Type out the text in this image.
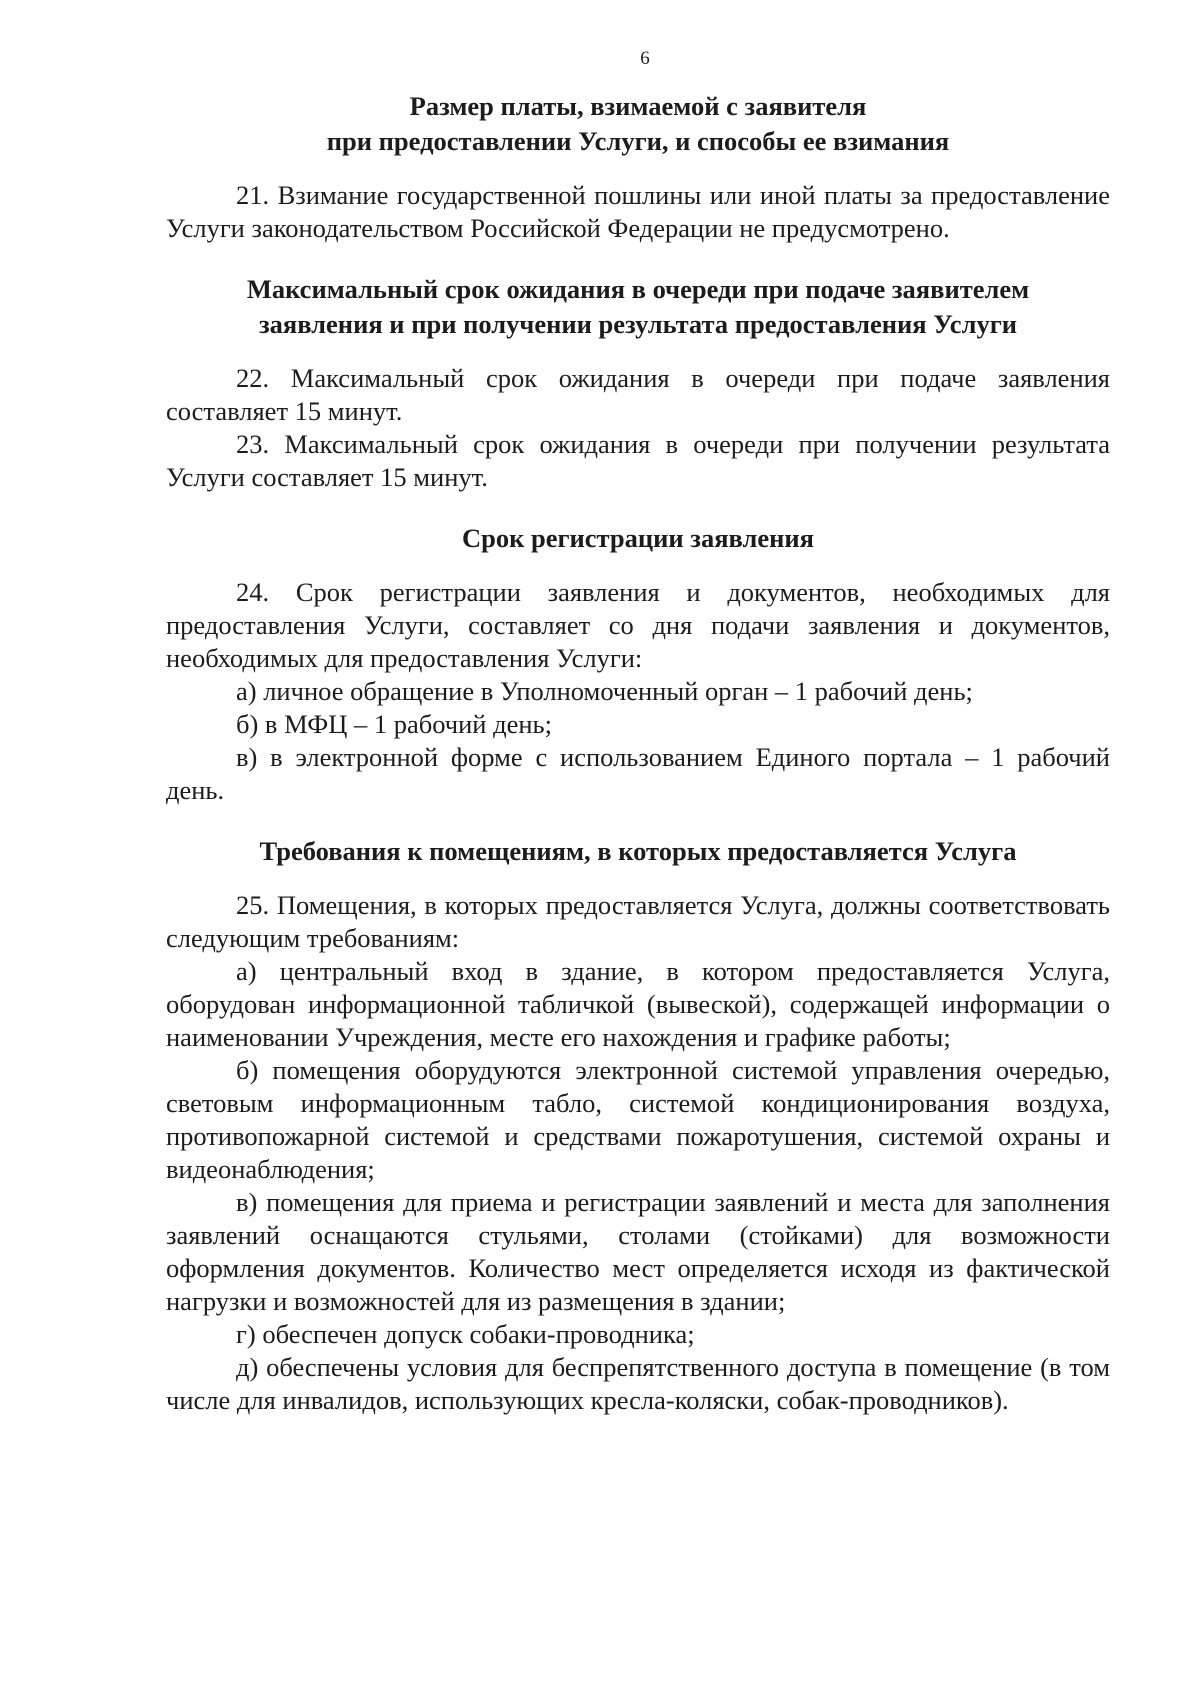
6
Размер платы, взимаемой с заявителя
при предоставлении Услуги, и способы ее взимания

21. Взимание государственной пошлины или иной платы за предоставление Услуги законодательством Российской Федерации не предусмотрено.

Максимальный срок ожидания в очереди при подаче заявителем
заявления и при получении результата предоставления Услуги

22. Максимальный срок ожидания в очереди при подаче заявления составляет 15 минут.

23. Максимальный срок ожидания в очереди при получении результата Услуги составляет 15 минут.

Срок регистрации заявления

24. Срок регистрации заявления и документов, необходимых для предоставления Услуги, составляет со дня подачи заявления и документов, необходимых для предоставления Услуги:

а) личное обращение в Уполномоченный орган – 1 рабочий день;

б) в МФЦ – 1 рабочий день;

в) в электронной форме с использованием Единого портала – 1 рабочий день.

Требования к помещениям, в которых предоставляется Услуга

25. Помещения, в которых предоставляется Услуга, должны соответствовать следующим требованиям:

а) центральный вход в здание, в котором предоставляется Услуга, оборудован информационной табличкой (вывеской), содержащей информации о наименовании Учреждения, месте его нахождения и графике работы;

б) помещения оборудуются электронной системой управления очередью, световым информационным табло, системой кондиционирования воздуха, противопожарной системой и средствами пожаротушения, системой охраны и видеонаблюдения;

в) помещения для приема и регистрации заявлений и места для заполнения заявлений оснащаются стульями, столами (стойками) для возможности оформления документов. Количество мест определяется исходя из фактической нагрузки и возможностей для из размещения в здании;

г) обеспечен допуск собаки-проводника;

д) обеспечены условия для беспрепятственного доступа в помещение (в том числе для инвалидов, использующих кресла-коляски, собак-проводников).
